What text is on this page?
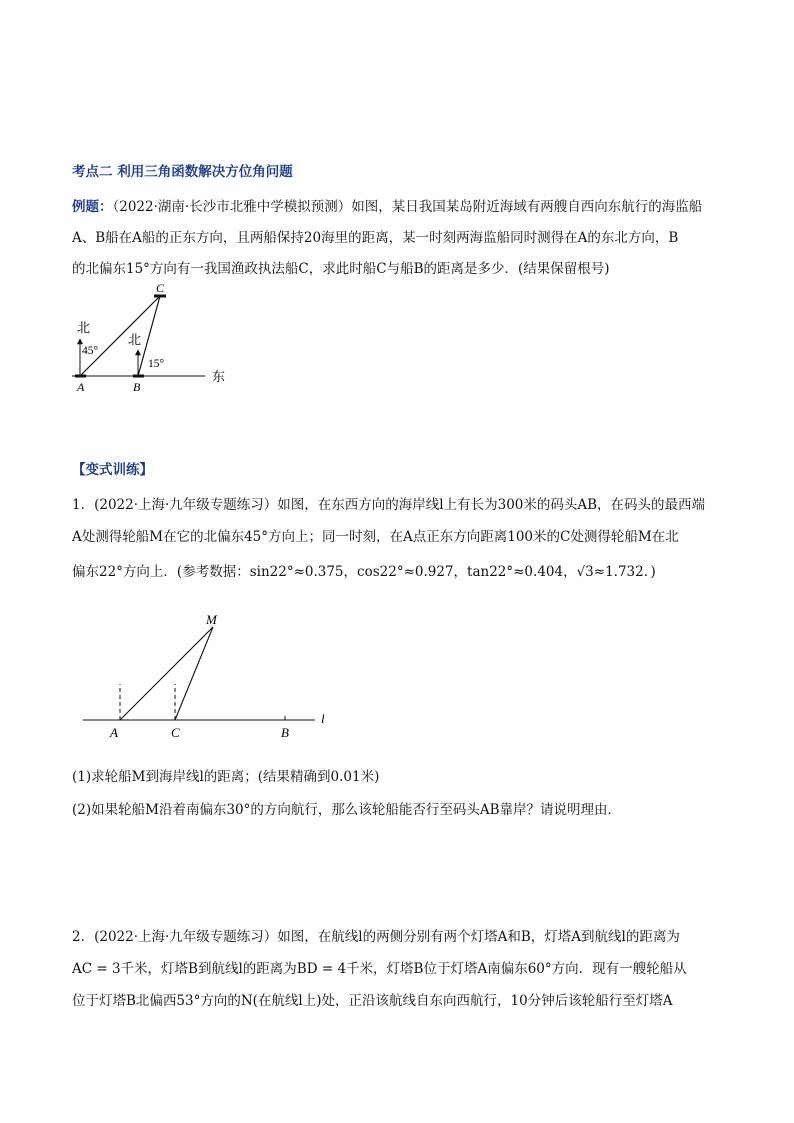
考点二 利用三角函数解决方位角问题
例题：（2022·湖南·长沙市北雅中学模拟预测）如图，某日我国某岛附近海域有两艘自西向东航行的海监船
A、B船在A船的正东方向，且两船保持20海里的距离，某一时刻两海监船同时测得在A的东北方向，B
的北偏东15°方向有一我国渔政执法船C，求此时船C与船B的距离是多少．(结果保留根号)
北
北
45°
15°
东
A	B
C
【变式训练】
1．(2022·上海·九年级专题练习）如图，在东西方向的海岸线l上有长为300米的码头AB，在码头的最西端
A处测得轮船M在它的北偏东45°方向上；同一时刻，在A点正东方向距离100米的C处测得轮船M在北
偏东22°方向上．(参考数据：sin22°≈0.375，cos22°≈0.927，tan22°≈0.404，√3≈1.732．)
M
A	C	B
l
(1)求轮船M到海岸线l的距离；(结果精确到0.01米)
(2)如果轮船M沿着南偏东30°的方向航行，那么该轮船能否行至码头AB靠岸？请说明理由．
2．(2022·上海·九年级专题练习）如图，在航线l的两侧分别有两个灯塔A和B，灯塔A到航线l的距离为
AC = 3千米，灯塔B到航线l的距离为BD = 4千米，灯塔B位于灯塔A南偏东60°方向．现有一艘轮船从
位于灯塔B北偏西53°方向的N(在航线l上)处，正沿该航线自东向西航行，10分钟后该轮船行至灯塔A
